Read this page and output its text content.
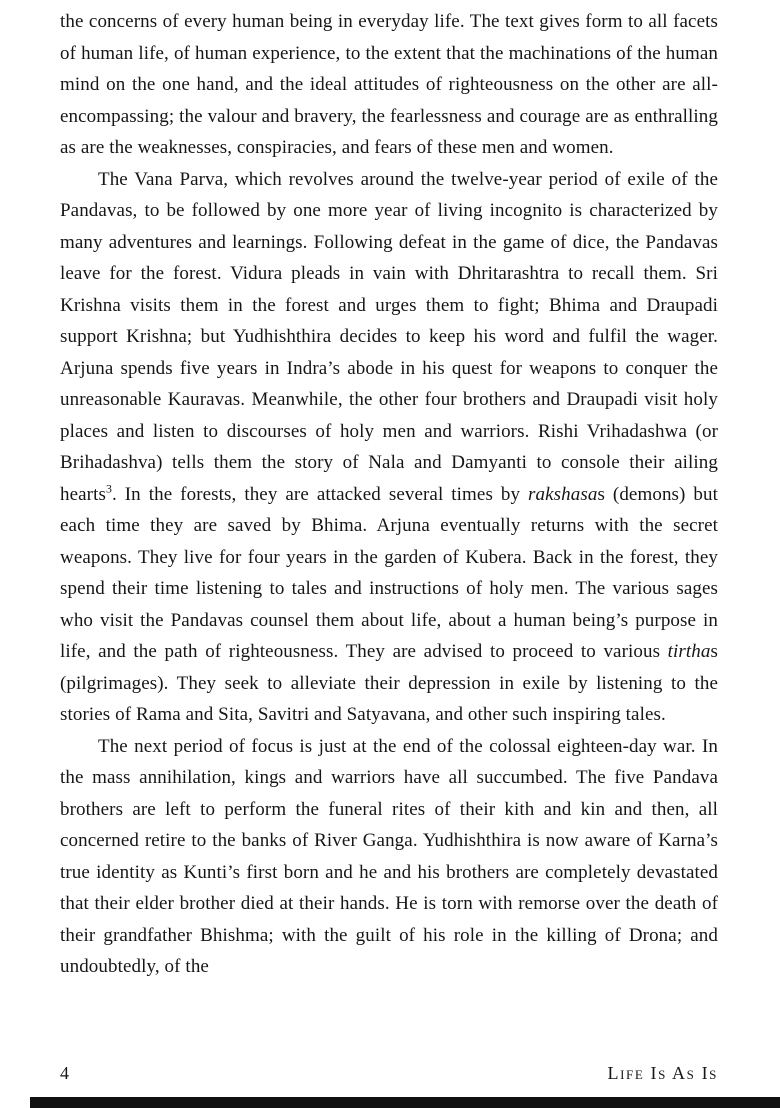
the concerns of every human being in everyday life. The text gives form to all facets of human life, of human experience, to the extent that the machinations of the human mind on the one hand, and the ideal attitudes of righteousness on the other are all-encompassing; the valour and bravery, the fearlessness and courage are as enthralling as are the weaknesses, conspiracies, and fears of these men and women.

The Vana Parva, which revolves around the twelve-year period of exile of the Pandavas, to be followed by one more year of living incognito is characterized by many adventures and learnings. Following defeat in the game of dice, the Pandavas leave for the forest. Vidura pleads in vain with Dhritarashtra to recall them. Sri Krishna visits them in the forest and urges them to fight; Bhima and Draupadi support Krishna; but Yudhishthira decides to keep his word and fulfil the wager. Arjuna spends five years in Indra’s abode in his quest for weapons to conquer the unreasonable Kauravas. Meanwhile, the other four brothers and Draupadi visit holy places and listen to discourses of holy men and warriors. Rishi Vrihadashwa (or Brihadashva) tells them the story of Nala and Damyanti to console their ailing hearts$^3$. In the forests, they are attacked several times by rakshasas (demons) but each time they are saved by Bhima. Arjuna eventually returns with the secret weapons. They live for four years in the garden of Kubera. Back in the forest, they spend their time listening to tales and instructions of holy men. The various sages who visit the Pandavas counsel them about life, about a human being’s purpose in life, and the path of righteousness. They are advised to proceed to various tirthas (pilgrimages). They seek to alleviate their depression in exile by listening to the stories of Rama and Sita, Savitri and Satyavana, and other such inspiring tales.

The next period of focus is just at the end of the colossal eighteen-day war. In the mass annihilation, kings and warriors have all succumbed. The five Pandava brothers are left to perform the funeral rites of their kith and kin and then, all concerned retire to the banks of River Ganga. Yudhishthira is now aware of Karna’s true identity as Kunti’s first born and he and his brothers are completely devastated that their elder brother died at their hands. He is torn with remorse over the death of their grandfather Bhishma; with the guilt of his role in the killing of Drona; and undoubtedly, of the

4	Life Is As Is
